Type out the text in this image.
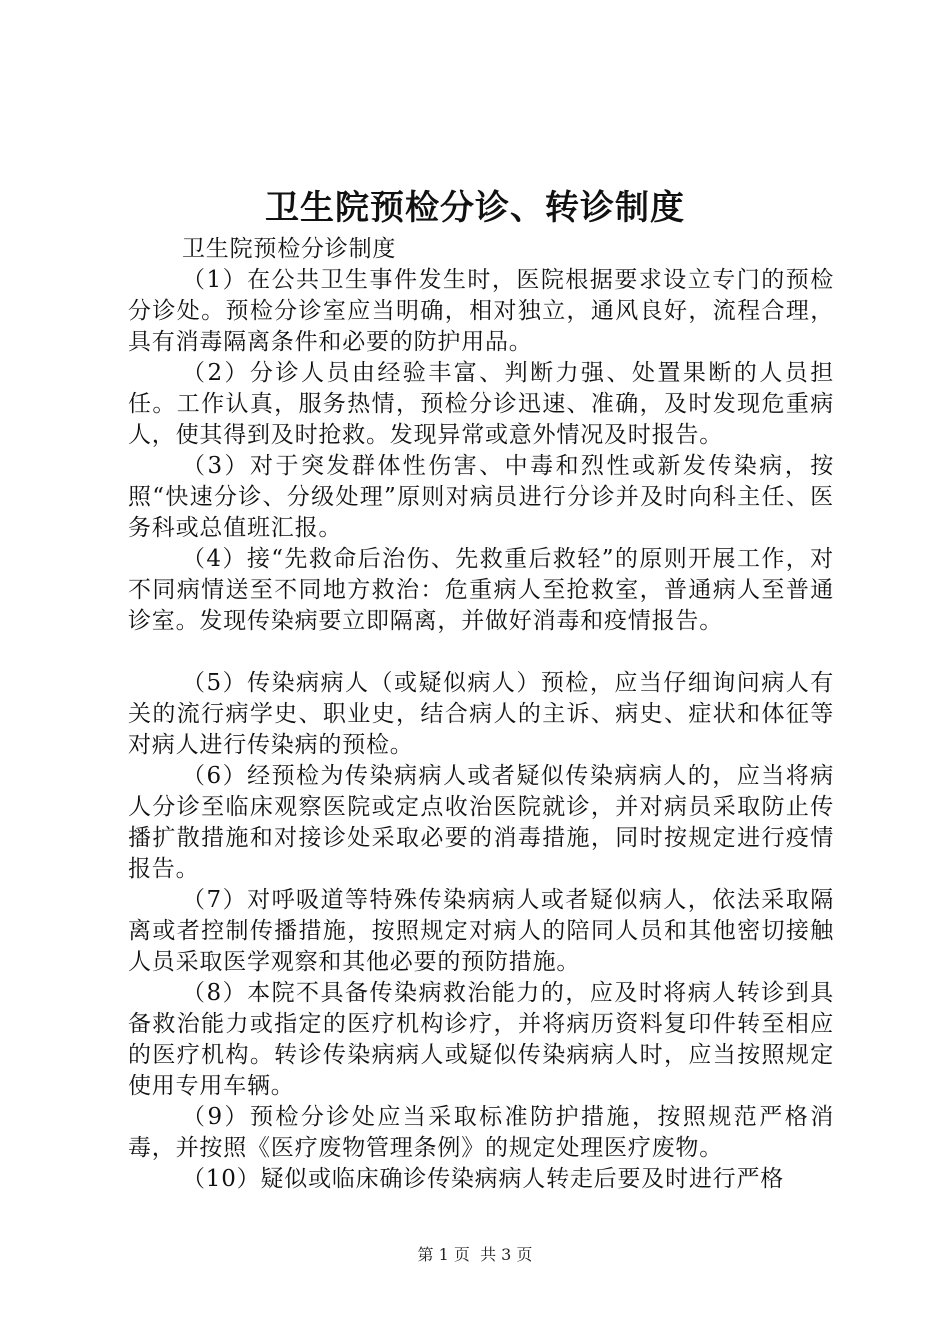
卫生院预检分诊、转诊制度

卫生院预检分诊制度

（1）在公共卫生事件发生时，医院根据要求设立专门的预检分诊处。预检分诊室应当明确，相对独立，通风良好，流程合理，具有消毒隔离条件和必要的防护用品。

（2）分诊人员由经验丰富、判断力强、处置果断的人员担任。工作认真，服务热情，预检分诊迅速、准确，及时发现危重病人，使其得到及时抢救。发现异常或意外情况及时报告。

（3）对于突发群体性伤害、中毒和烈性或新发传染病，按照“快速分诊、分级处理”原则对病员进行分诊并及时向科主任、医务科或总值班汇报。

（4）接“先救命后治伤、先救重后救轻”的原则开展工作，对不同病情送至不同地方救治：危重病人至抢救室，普通病人至普通诊室。发现传染病要立即隔离，并做好消毒和疫情报告。

（5）传染病病人（或疑似病人）预检，应当仔细询问病人有关的流行病学史、职业史，结合病人的主诉、病史、症状和体征等对病人进行传染病的预检。

（6）经预检为传染病病人或者疑似传染病病人的，应当将病人分诊至临床观察医院或定点收治医院就诊，并对病员采取防止传播扩散措施和对接诊处采取必要的消毒措施，同时按规定进行疫情报告。

（7）对呼吸道等特殊传染病病人或者疑似病人，依法采取隔离或者控制传播措施，按照规定对病人的陪同人员和其他密切接触人员采取医学观察和其他必要的预防措施。

（8）本院不具备传染病救治能力的，应及时将病人转诊到具备救治能力或指定的医疗机构诊疗，并将病历资料复印件转至相应的医疗机构。转诊传染病病人或疑似传染病病人时，应当按照规定使用专用车辆。

（9）预检分诊处应当采取标准防护措施，按照规范严格消毒，并按照《医疗废物管理条例》的规定处理医疗废物。

（10）疑似或临床确诊传染病病人转走后要及时进行严格

第 1 页  共 3 页
